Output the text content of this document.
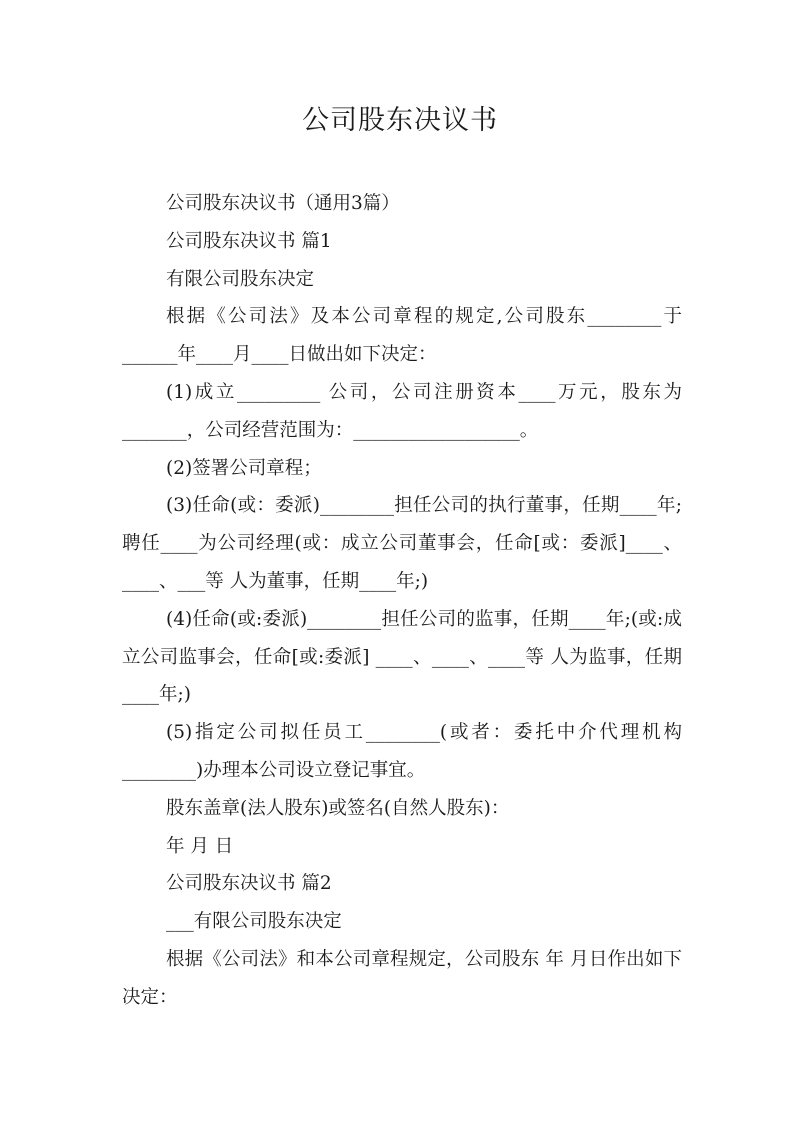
公司股东决议书

公司股东决议书（通用3篇）

公司股东决议书 篇1

有限公司股东决定

根据《公司法》及本公司章程的规定,公司股东________于______年____月____日做出如下决定：

(1)成立_________ 公司，公司注册资本____万元，股东为_______，公司经营范围为：__________________。

(2)签署公司章程；

(3)任命(或：委派)________担任公司的执行董事，任期____年;聘任____为公司经理(或：成立公司董事会，任命[或：委派]____、____、___等 人为董事，任期____年;)

(4)任命(或:委派)________担任公司的监事，任期____年;(或:成立公司监事会，任命[或:委派] ____、____、____等 人为监事，任期____年;)

(5)指定公司拟任员工________(或者：委托中介代理机构________)办理本公司设立登记事宜。

股东盖章(法人股东)或签名(自然人股东)：

年 月 日

公司股东决议书 篇2

___有限公司股东决定

根据《公司法》和本公司章程规定，公司股东 年 月日作出如下决定：
